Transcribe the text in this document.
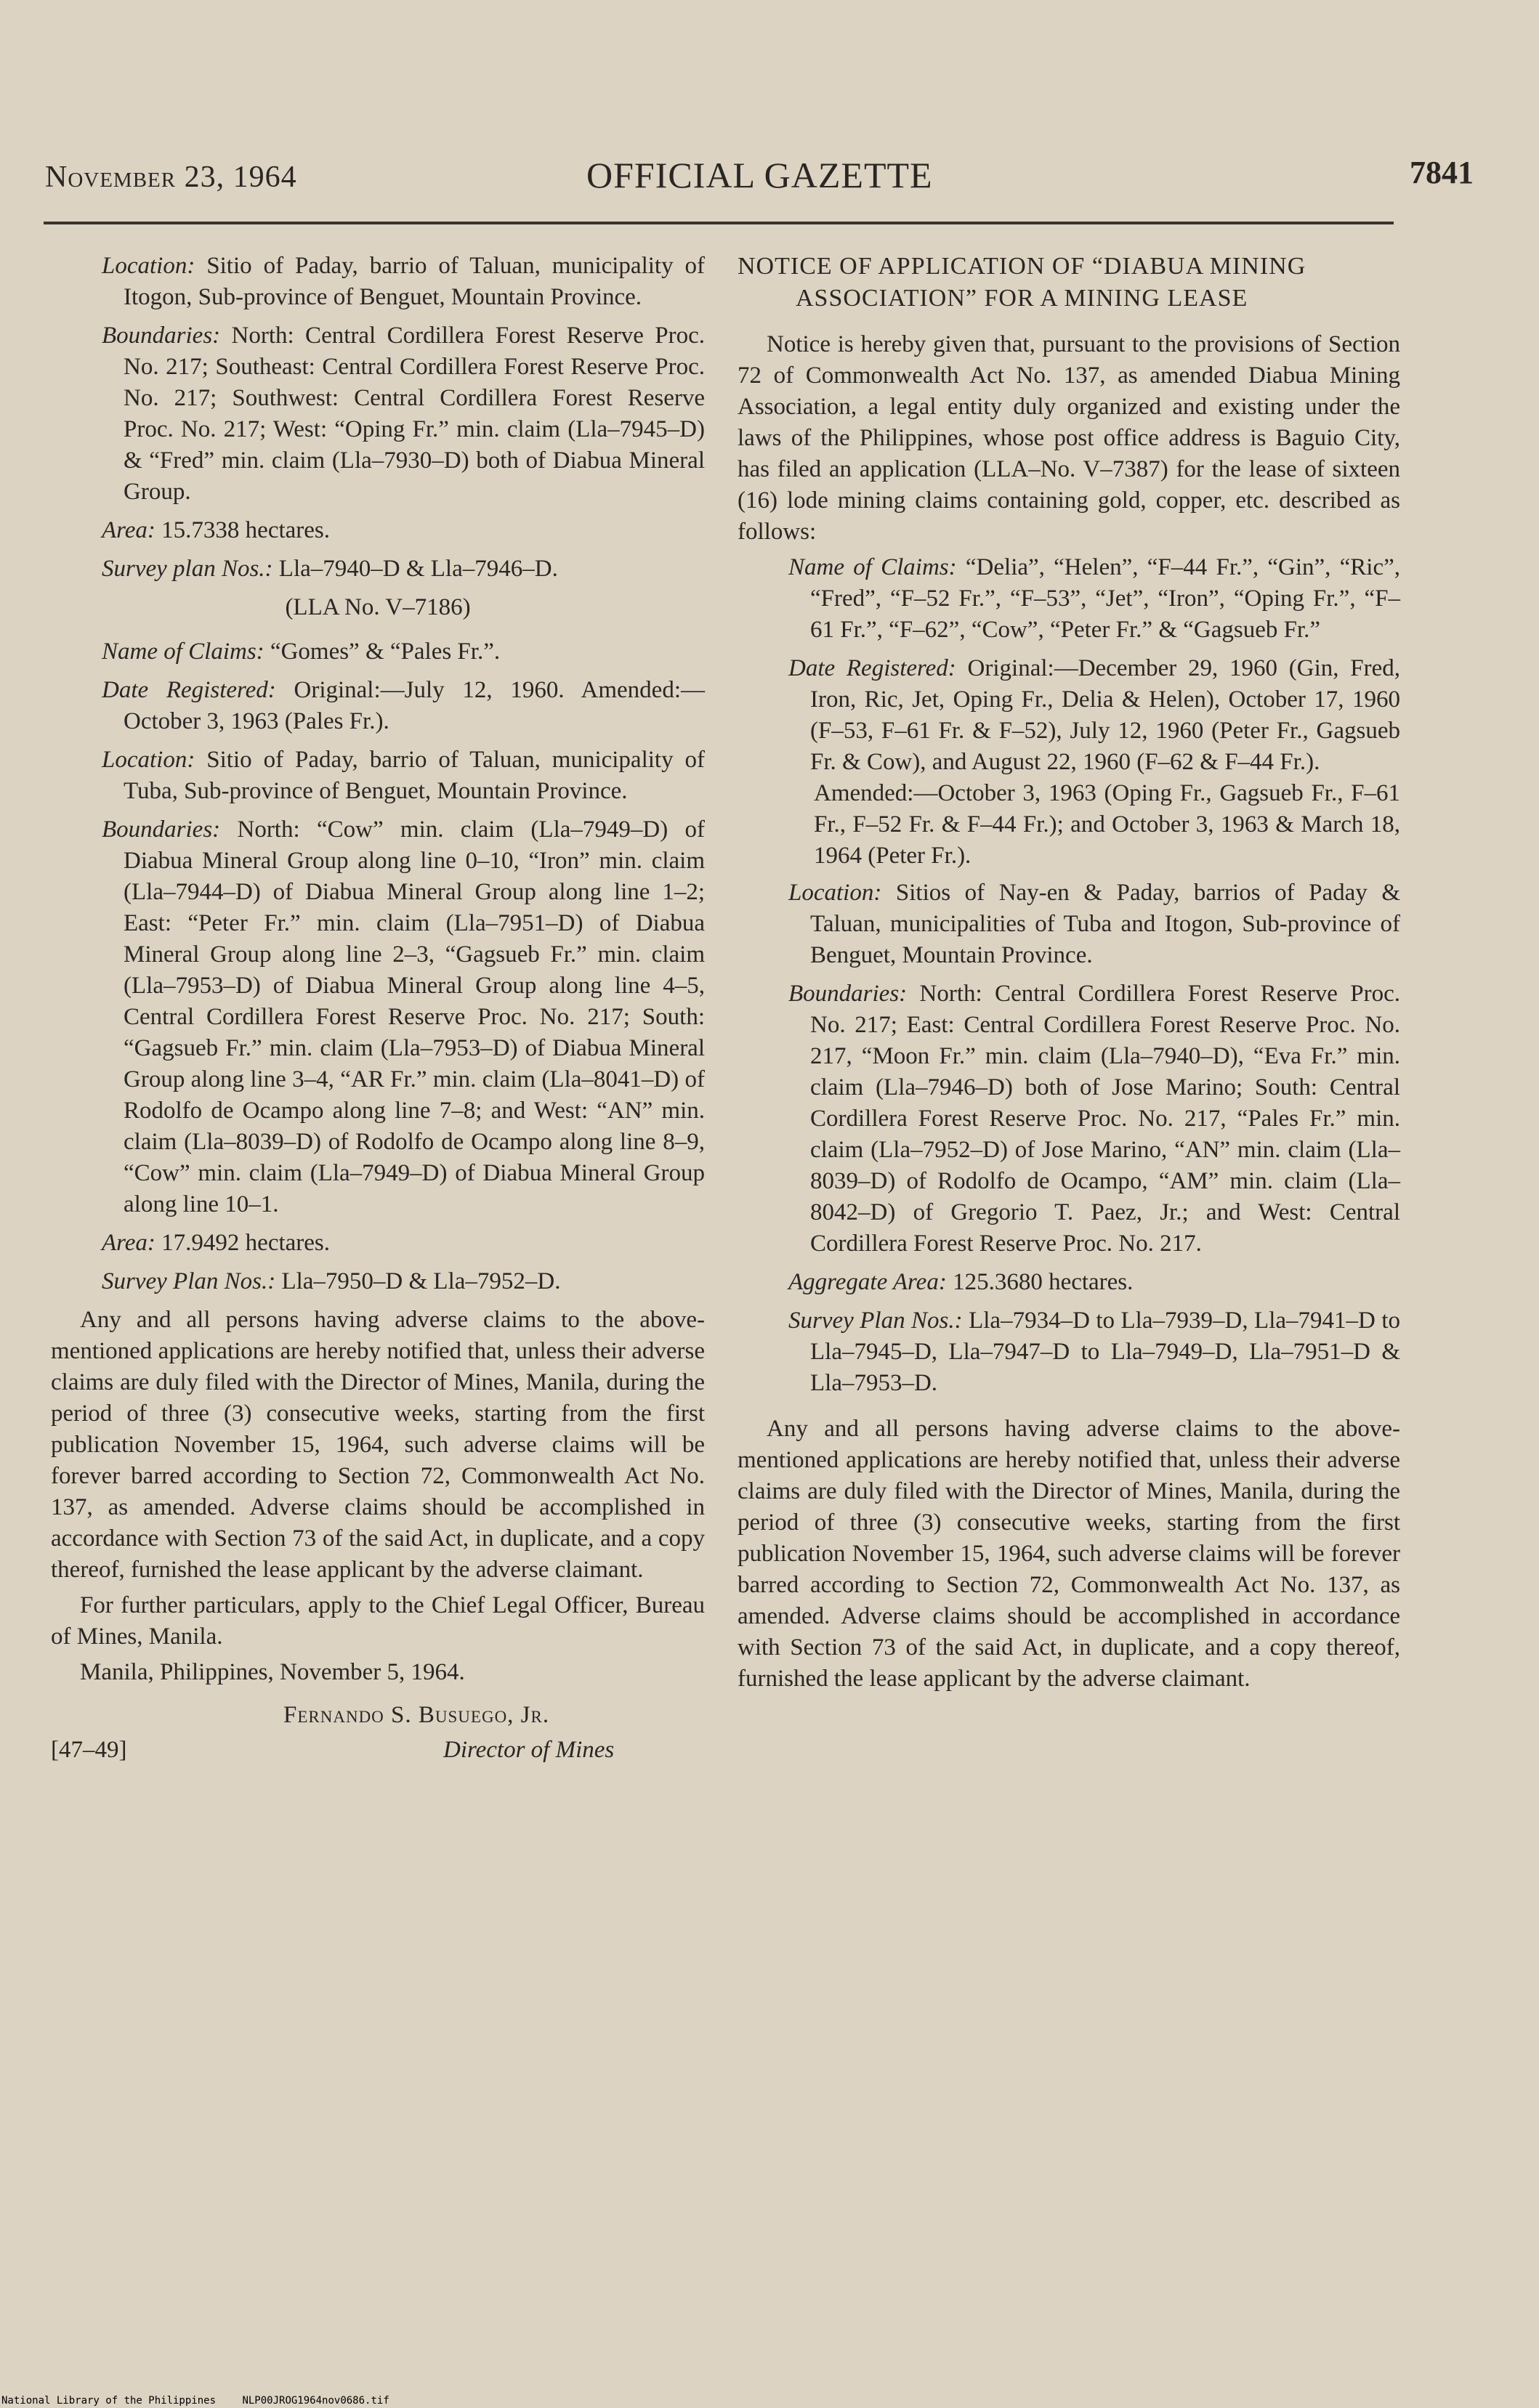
November 23, 1964	OFFICIAL GAZETTE	7841

Location: Sitio of Paday, barrio of Taluan, municipality of Itogon, Sub-province of Benguet, Mountain Province.

Boundaries: North: Central Cordillera Forest Reserve Proc. No. 217; Southeast: Central Cordillera Forest Reserve Proc. No. 217; Southwest: Central Cordillera Forest Reserve Proc. No. 217; West: “Oping Fr.” min. claim (Lla–7945–D) & “Fred” min. claim (Lla–7930–D) both of Diabua Mineral Group.

Area: 15.7338 hectares.

Survey plan Nos.: Lla–7940–D & Lla–7946–D.

(LLA No. V–7186)

Name of Claims: “Gomes” & “Pales Fr.”.

Date Registered: Original:—July 12, 1960. Amended:—October 3, 1963 (Pales Fr.).

Location: Sitio of Paday, barrio of Taluan, municipality of Tuba, Sub-province of Benguet, Mountain Province.

Boundaries: North: “Cow” min. claim (Lla–7949–D) of Diabua Mineral Group along line 0–10, “Iron” min. claim (Lla–7944–D) of Diabua Mineral Group along line 1–2; East: “Peter Fr.” min. claim (Lla–7951–D) of Diabua Mineral Group along line 2–3, “Gagsueb Fr.” min. claim (Lla–7953–D) of Diabua Mineral Group along line 4–5, Central Cordillera Forest Reserve Proc. No. 217; South: “Gagsueb Fr.” min. claim (Lla–7953–D) of Diabua Mineral Group along line 3–4, “AR Fr.” min. claim (Lla–8041–D) of Rodolfo de Ocampo along line 7–8; and West: “AN” min. claim (Lla–8039–D) of Rodolfo de Ocampo along line 8–9, “Cow” min. claim (Lla–7949–D) of Diabua Mineral Group along line 10–1.

Area: 17.9492 hectares.

Survey Plan Nos.: Lla–7950–D & Lla–7952–D.

Any and all persons having adverse claims to the above-mentioned applications are hereby notified that, unless their adverse claims are duly filed with the Director of Mines, Manila, during the period of three (3) consecutive weeks, starting from the first publication November 15, 1964, such adverse claims will be forever barred according to Section 72, Commonwealth Act No. 137, as amended. Adverse claims should be accomplished in accordance with Section 73 of the said Act, in duplicate, and a copy thereof, furnished the lease applicant by the adverse claimant.

For further particulars, apply to the Chief Legal Officer, Bureau of Mines, Manila.

Manila, Philippines, November 5, 1964.

Fernando S. Busuego, Jr.
[47–49]	Director of Mines

NOTICE OF APPLICATION OF “DIABUA MINING ASSOCIATION” FOR A MINING LEASE

Notice is hereby given that, pursuant to the provisions of Section 72 of Commonwealth Act No. 137, as amended Diabua Mining Association, a legal entity duly organized and existing under the laws of the Philippines, whose post office address is Baguio City, has filed an application (LLA–No. V–7387) for the lease of sixteen (16) lode mining claims containing gold, copper, etc. described as follows:

Name of Claims: “Delia”, “Helen”, “F–44 Fr.”, “Gin”, “Ric”, “Fred”, “F–52 Fr.”, “F–53”, “Jet”, “Iron”, “Oping Fr.”, “F–61 Fr.”, “F–62”, “Cow”, “Peter Fr.” & “Gagsueb Fr.”

Date Registered: Original:—December 29, 1960 (Gin, Fred, Iron, Ric, Jet, Oping Fr., Delia & Helen), October 17, 1960 (F–53, F–61 Fr. & F–52), July 12, 1960 (Peter Fr., Gagsueb Fr. & Cow), and August 22, 1960 (F–62 & F–44 Fr.).

Amended:—October 3, 1963 (Oping Fr., Gagsueb Fr., F–61 Fr., F–52 Fr. & F–44 Fr.); and October 3, 1963 & March 18, 1964 (Peter Fr.).

Location: Sitios of Nay-en & Paday, barrios of Paday & Taluan, municipalities of Tuba and Itogon, Sub-province of Benguet, Mountain Province.

Boundaries: North: Central Cordillera Forest Reserve Proc. No. 217; East: Central Cordillera Forest Reserve Proc. No. 217, “Moon Fr.” min. claim (Lla–7940–D), “Eva Fr.” min. claim (Lla–7946–D) both of Jose Marino; South: Central Cordillera Forest Reserve Proc. No. 217, “Pales Fr.” min. claim (Lla–7952–D) of Jose Marino, “AN” min. claim (Lla–8039–D) of Rodolfo de Ocampo, “AM” min. claim (Lla–8042–D) of Gregorio T. Paez, Jr.; and West: Central Cordillera Forest Reserve Proc. No. 217.

Aggregate Area: 125.3680 hectares.

Survey Plan Nos.: Lla–7934–D to Lla–7939–D, Lla–7941–D to Lla–7945–D, Lla–7947–D to Lla–7949–D, Lla–7951–D & Lla–7953–D.

Any and all persons having adverse claims to the above-mentioned applications are hereby notified that, unless their adverse claims are duly filed with the Director of Mines, Manila, during the period of three (3) consecutive weeks, starting from the first publication November 15, 1964, such adverse claims will be forever barred according to Section 72, Commonwealth Act No. 137, as amended. Adverse claims should be accomplished in accordance with Section 73 of the said Act, in duplicate, and a copy thereof, furnished the lease applicant by the adverse claimant.

National Library of the Philippines	NLP00JROG1964nov0686.tif
